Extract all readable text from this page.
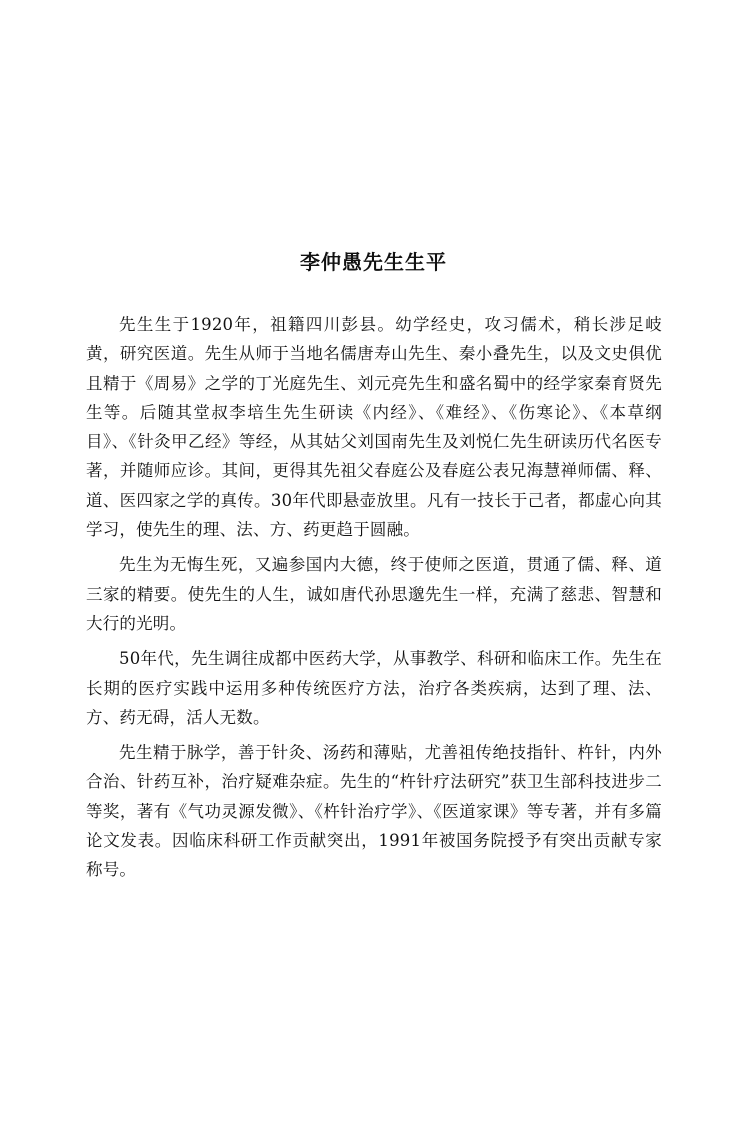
李仲愚先生生平

先生生于1920年，祖籍四川彭县。幼学经史，攻习儒术，稍长涉足岐黄，研究医道。先生从师于当地名儒唐寿山先生、秦小叠先生，以及文史俱优且精于《周易》之学的丁光庭先生、刘元亮先生和盛名蜀中的经学家秦育贤先生等。后随其堂叔李培生先生研读《内经》、《难经》、《伤寒论》、《本草纲目》、《针灸甲乙经》等经，从其姑父刘国南先生及刘悦仁先生研读历代名医专著，并随师应诊。其间，更得其先祖父春庭公及春庭公表兄海慧禅师儒、释、道、医四家之学的真传。30年代即悬壶放里。凡有一技长于己者，都虚心向其学习，使先生的理、法、方、药更趋于圆融。

先生为无悔生死，又遍参国内大德，终于使师之医道，贯通了儒、释、道三家的精要。使先生的人生，诚如唐代孙思邈先生一样，充满了慈悲、智慧和大行的光明。

50年代，先生调往成都中医药大学，从事教学、科研和临床工作。先生在长期的医疗实践中运用多种传统医疗方法，治疗各类疾病，达到了理、法、方、药无碍，活人无数。

先生精于脉学，善于针灸、汤药和薄贴，尤善祖传绝技指针、杵针，内外合治、针药互补，治疗疑难杂症。先生的“杵针疗法研究”获卫生部科技进步二等奖，著有《气功灵源发微》、《杵针治疗学》、《医道家课》等专著，并有多篇论文发表。因临床科研工作贡献突出，1991年被国务院授予有突出贡献专家称号。
